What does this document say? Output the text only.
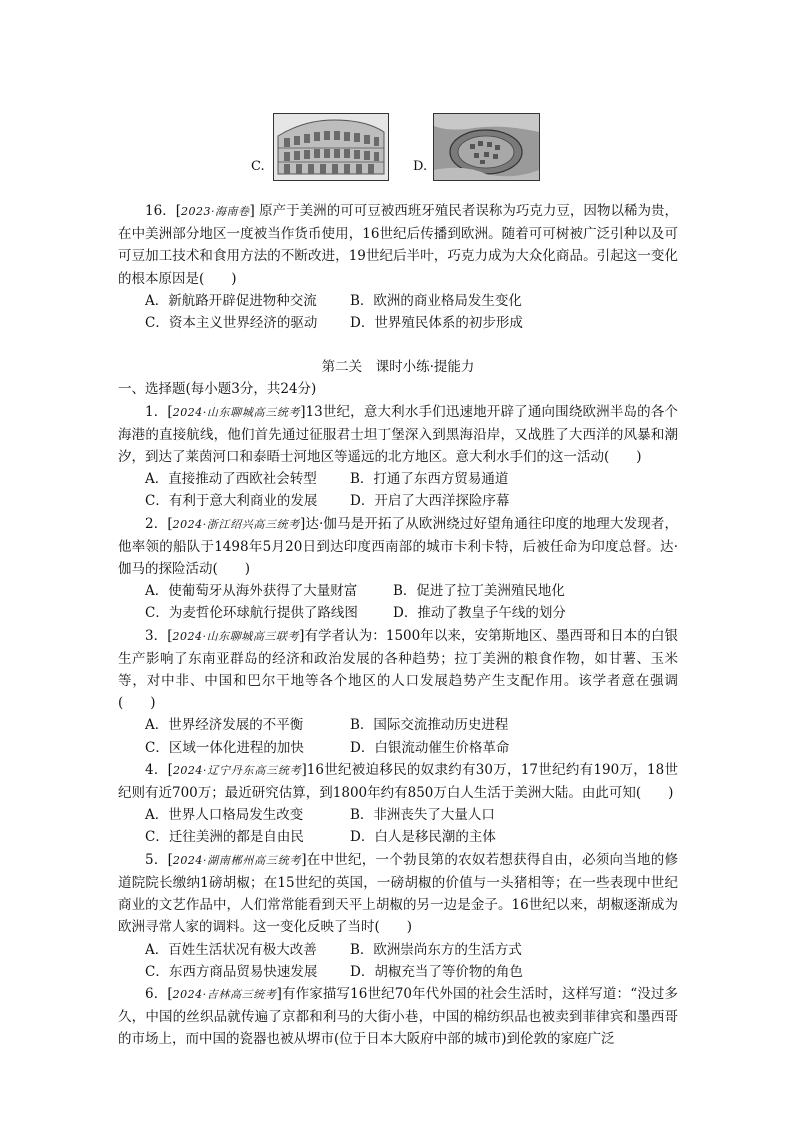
C.	D.

16．[2023·海南卷] 原产于美洲的可可豆被西班牙殖民者误称为巧克力豆，因物以稀为贵，在中美洲部分地区一度被当作货币使用，16世纪后传播到欧洲。随着可可树被广泛引种以及可可豆加工技术和食用方法的不断改进，19世纪后半叶，巧克力成为大众化商品。引起这一变化的根本原因是(　　)

A．新航路开辟促进物种交流	B．欧洲的商业格局发生变化
C．资本主义世界经济的驱动	D．世界殖民体系的初步形成

第二关　课时小练·提能力

一、选择题(每小题3分，共24分)

1．[2024·山东聊城高三统考]13世纪，意大利水手们迅速地开辟了通向围绕欧洲半岛的各个海港的直接航线，他们首先通过征服君士坦丁堡深入到黑海沿岸，又战胜了大西洋的风暴和潮汐，到达了莱茵河口和泰晤士河地区等遥远的北方地区。意大利水手们的这一活动(　　)

A．直接推动了西欧社会转型	B．打通了东西方贸易通道
C．有利于意大利商业的发展	D．开启了大西洋探险序幕

2．[2024·浙江绍兴高三统考]达·伽马是开拓了从欧洲绕过好望角通往印度的地理大发现者，他率领的船队于1498年5月20日到达印度西南部的城市卡利卡特，后被任命为印度总督。达·伽马的探险活动(　　)

A．使葡萄牙从海外获得了大量财富	B．促进了拉丁美洲殖民地化
C．为麦哲伦环球航行提供了路线图	D．推动了教皇子午线的划分

3．[2024·山东聊城高三联考]有学者认为：1500年以来，安第斯地区、墨西哥和日本的白银生产影响了东南亚群岛的经济和政治发展的各种趋势；拉丁美洲的粮食作物，如甘薯、玉米等，对中非、中国和巴尔干地等各个地区的人口发展趋势产生支配作用。该学者意在强调(　　)

A．世界经济发展的不平衡	B．国际交流推动历史进程
C．区域一体化进程的加快	D．白银流动催生价格革命

4．[2024·辽宁丹东高三统考]16世纪被迫移民的奴隶约有30万，17世纪约有190万，18世纪则有近700万；最近研究估算，到1800年约有850万白人生活于美洲大陆。由此可知(　　)

A．世界人口格局发生改变	B．非洲丧失了大量人口
C．迁往美洲的都是自由民	D．白人是移民潮的主体

5．[2024·湖南郴州高三统考]在中世纪，一个勃艮第的农奴若想获得自由，必须向当地的修道院院长缴纳1磅胡椒；在15世纪的英国，一磅胡椒的价值与一头猪相等；在一些表现中世纪商业的文艺作品中，人们常常能看到天平上胡椒的另一边是金子。16世纪以来，胡椒逐渐成为欧洲寻常人家的调料。这一变化反映了当时(　　)

A．百姓生活状况有极大改善	B．欧洲崇尚东方的生活方式
C．东西方商品贸易快速发展	D．胡椒充当了等价物的角色

6．[2024·吉林高三统考]有作家描写16世纪70年代外国的社会生活时，这样写道：“没过多久，中国的丝织品就传遍了京都和利马的大街小巷，中国的棉纺织品也被卖到菲律宾和墨西哥的市场上，而中国的瓷器也被从堺市(位于日本大阪府中部的城市)到伦敦的家庭广泛
